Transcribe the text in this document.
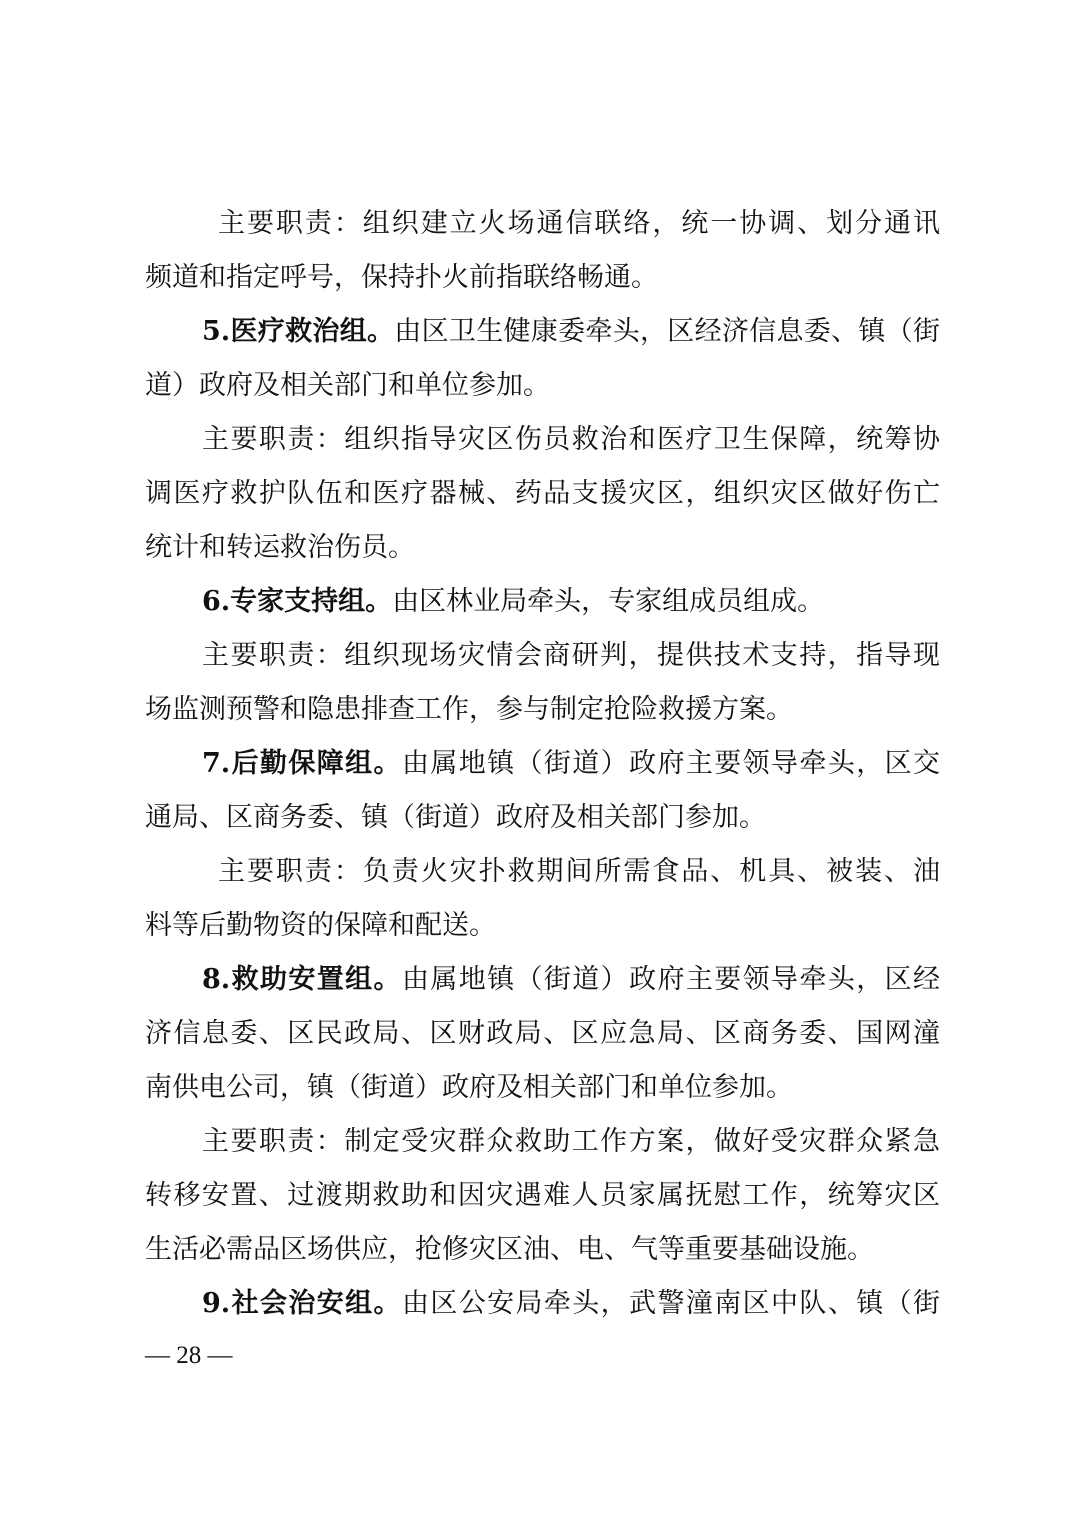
主要职责：组织建立火场通信联络，统一协调、划分通讯
频道和指定呼号，保持扑火前指联络畅通。
5.医疗救治组。由区卫生健康委牵头，区经济信息委、镇（街
道）政府及相关部门和单位参加。
主要职责：组织指导灾区伤员救治和医疗卫生保障，统筹协
调医疗救护队伍和医疗器械、药品支援灾区，组织灾区做好伤亡
统计和转运救治伤员。
6.专家支持组。由区林业局牵头，专家组成员组成。
主要职责：组织现场灾情会商研判，提供技术支持，指导现
场监测预警和隐患排查工作，参与制定抢险救援方案。
7.后勤保障组。由属地镇（街道）政府主要领导牵头，区交
通局、区商务委、镇（街道）政府及相关部门参加。
主要职责：负责火灾扑救期间所需食品、机具、被装、油
料等后勤物资的保障和配送。
8.救助安置组。由属地镇（街道）政府主要领导牵头，区经
济信息委、区民政局、区财政局、区应急局、区商务委、国网潼
南供电公司，镇（街道）政府及相关部门和单位参加。
主要职责：制定受灾群众救助工作方案，做好受灾群众紧急
转移安置、过渡期救助和因灾遇难人员家属抚慰工作，统筹灾区
生活必需品区场供应，抢修灾区油、电、气等重要基础设施。
9.社会治安组。由区公安局牵头，武警潼南区中队、镇（街
— 28 —
